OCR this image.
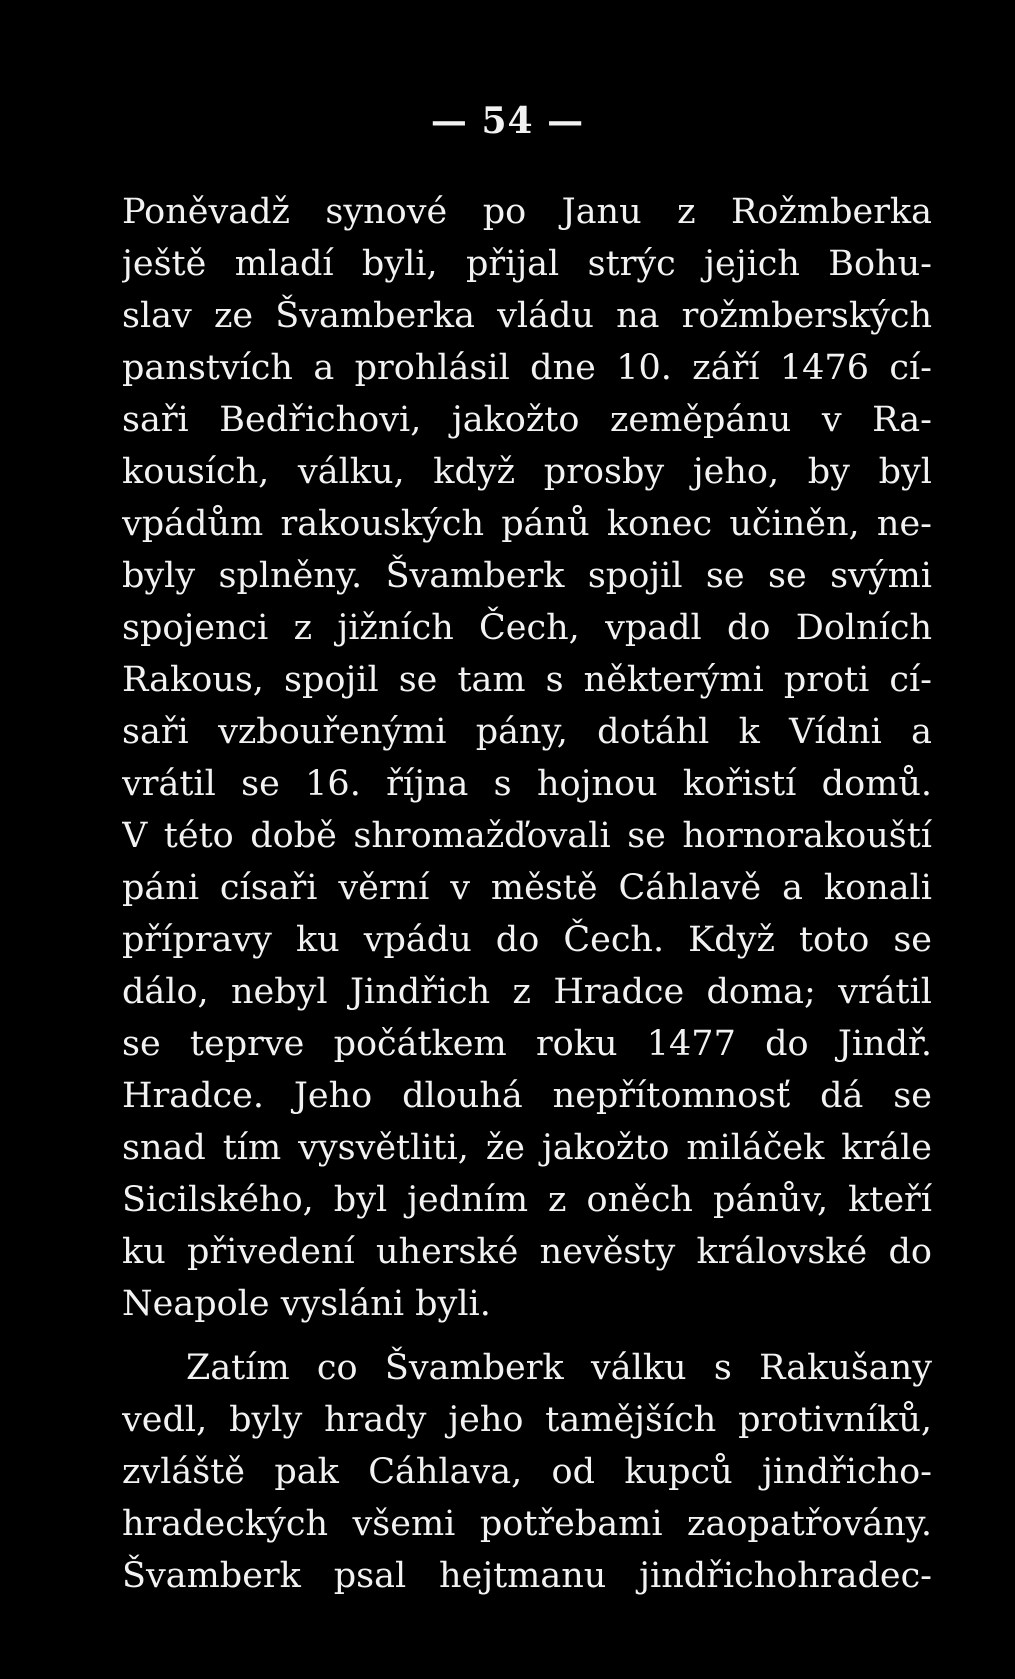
— 54 —
Poněvadž synové po Janu z Rožmberka
ještě mladí byli, přijal strýc jejich Bohu-
slav ze Švamberka vládu na rožmberských
panstvích a prohlásil dne 10. září 1476 cí-
saři Bedřichovi, jakožto zeměpánu v Ra-
kousích, válku, když prosby jeho, by byl
vpádům rakouských pánů konec učiněn, ne-
byly splněny. Švamberk spojil se se svými
spojenci z jižních Čech, vpadl do Dolních
Rakous, spojil se tam s některými proti cí-
saři vzbouřenými pány, dotáhl k Vídni a
vrátil se 16. října s hojnou kořistí domů.
V této době shromažďovali se hornorakouští
páni císaři věrní v městě Cáhlavě a konali
přípravy ku vpádu do Čech. Když toto se
dálo, nebyl Jindřich z Hradce doma; vrátil
se teprve počátkem roku 1477 do Jindř.
Hradce. Jeho dlouhá nepřítomnosť dá se
snad tím vysvětliti, že jakožto miláček krále
Sicilského, byl jedním z oněch pánův, kteří
ku přivedení uherské nevěsty královské do
Neapole vysláni byli.
Zatím co Švamberk válku s Rakušany
vedl, byly hrady jeho tamějších protivníků,
zvláště pak Cáhlava, od kupců jindřicho-
hradeckých všemi potřebami zaopatřovány.
Švamberk psal hejtmanu jindřichohradec-
